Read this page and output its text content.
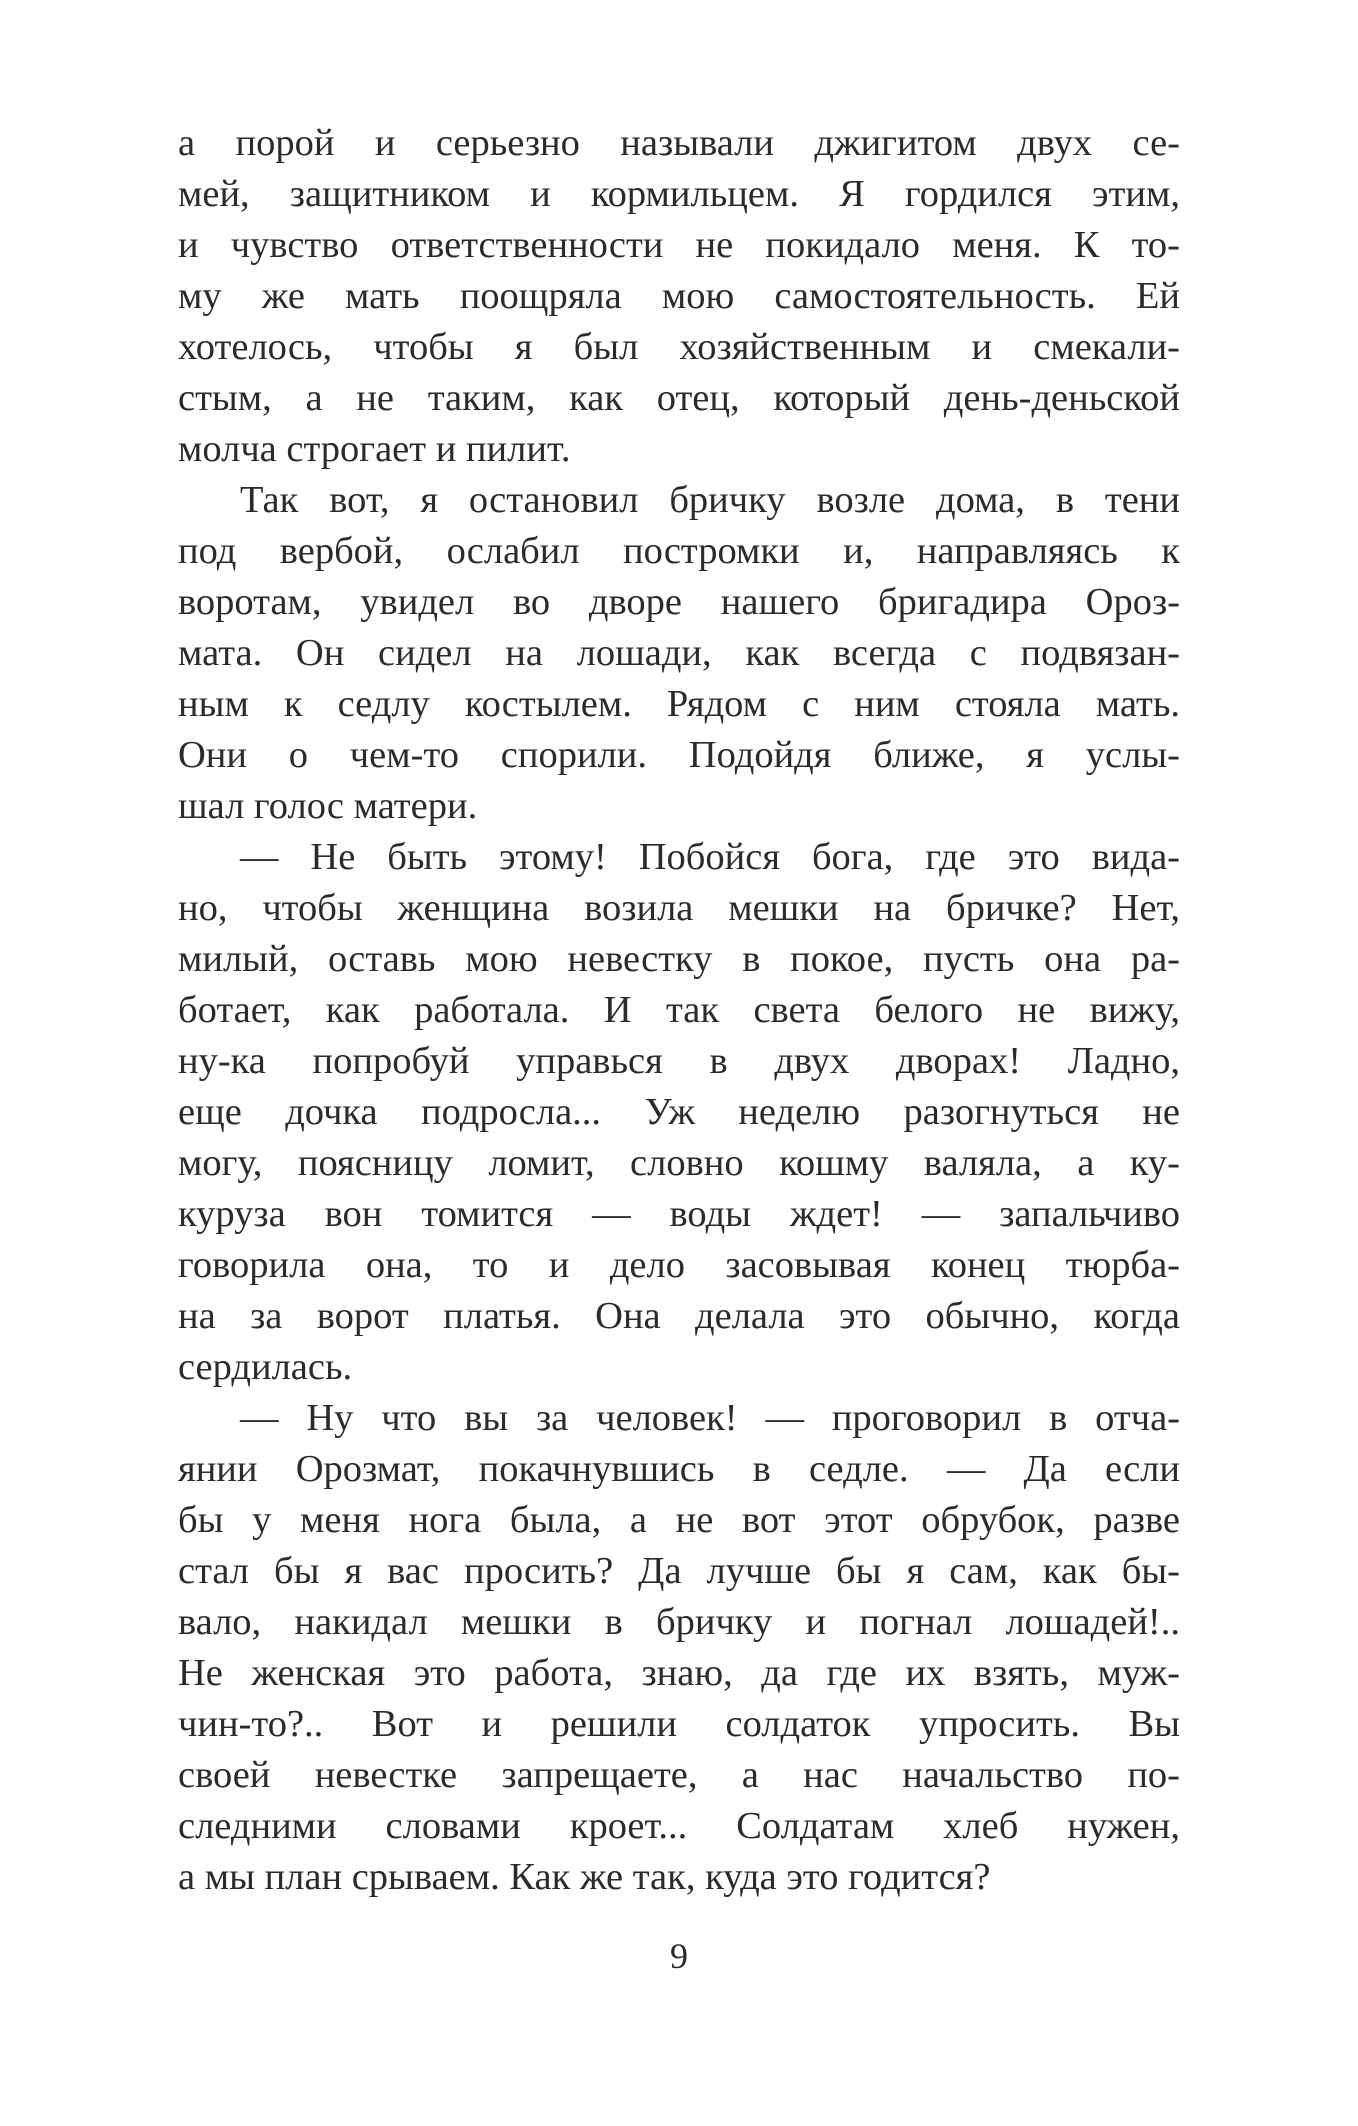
а порой и серьезно называли джигитом двух се-
мей, защитником и кормильцем. Я гордился этим,
и чувство ответственности не покидало меня. К то-
му же мать поощряла мою самостоятельность. Ей
хотелось, чтобы я был хозяйственным и смекали-
стым, а не таким, как отец, который день-деньской
молча строгает и пилит.
Так вот, я остановил бричку возле дома, в тени
под вербой, ослабил постромки и, направляясь к
воротам, увидел во дворе нашего бригадира Ороз-
мата. Он сидел на лошади, как всегда с подвязан-
ным к седлу костылем. Рядом с ним стояла мать.
Они о чем-то спорили. Подойдя ближе, я услы-
шал голос матери.
— Не быть этому! Побойся бога, где это вида-
но, чтобы женщина возила мешки на бричке? Нет,
милый, оставь мою невестку в покое, пусть она ра-
ботает, как работала. И так света белого не вижу,
ну-ка попробуй управься в двух дворах! Ладно,
еще дочка подросла... Уж неделю разогнуться не
могу, поясницу ломит, словно кошму валяла, а ку-
куруза вон томится — воды ждет! — запальчиво
говорила она, то и дело засовывая конец тюрба-
на за ворот платья. Она делала это обычно, когда
сердилась.
— Ну что вы за человек! — проговорил в отча-
янии Орозмат, покачнувшись в седле. — Да если
бы у меня нога была, а не вот этот обрубок, разве
стал бы я вас просить? Да лучше бы я сам, как бы-
вало, накидал мешки в бричку и погнал лошадей!..
Не женская это работа, знаю, да где их взять, муж-
чин-то?.. Вот и решили солдаток упросить. Вы
своей невестке запрещаете, а нас начальство по-
следними словами кроет... Солдатам хлеб нужен,
а мы план срываем. Как же так, куда это годится?
9
